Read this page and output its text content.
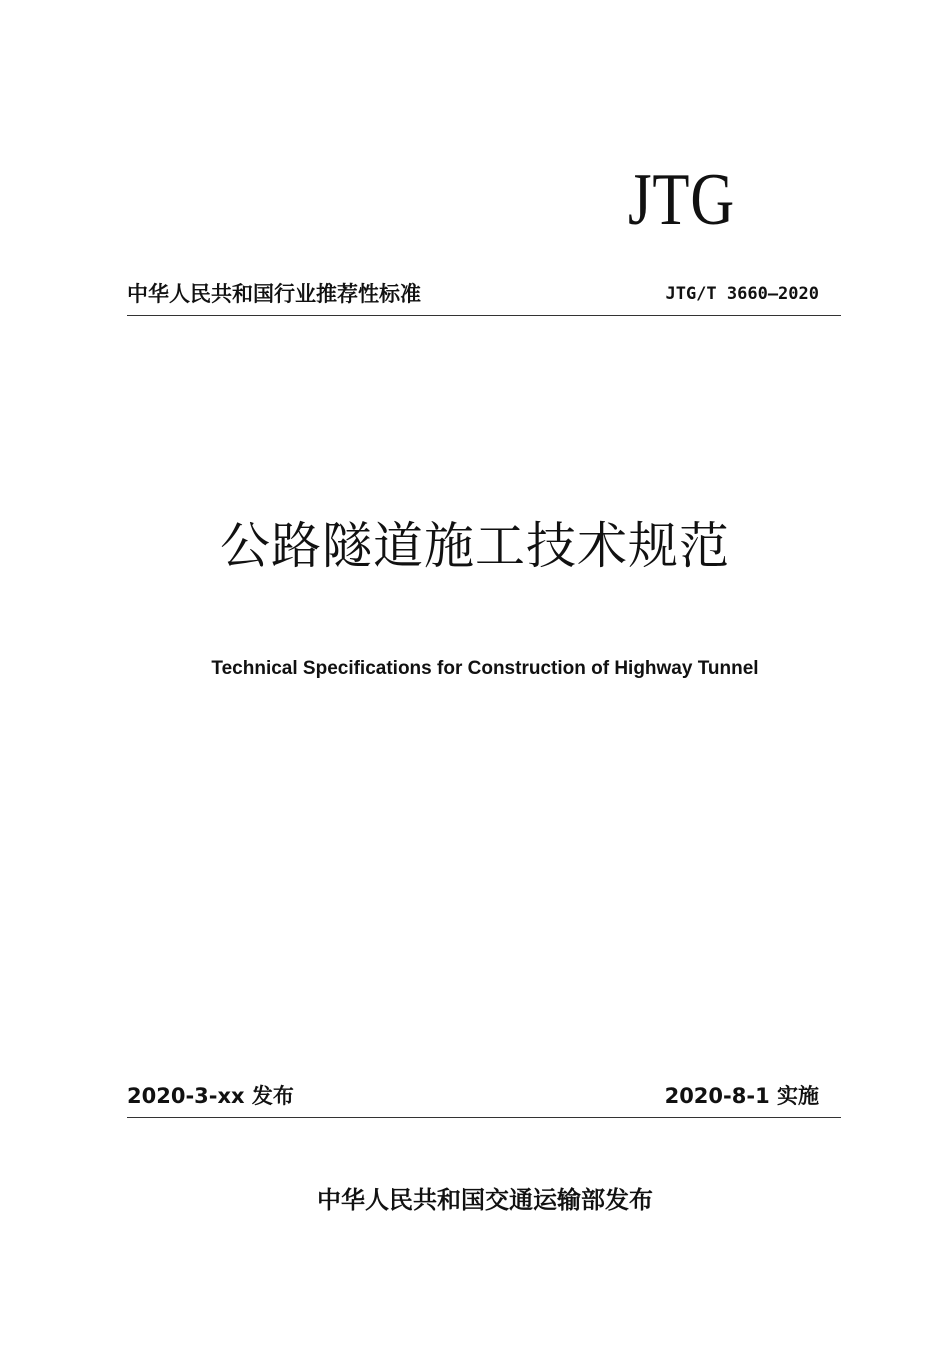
JTG
中华人民共和国行业推荐性标准	JTG/T 3660—2020
公路隧道施工技术规范
Technical Specifications for Construction of Highway Tunnel
2020-3-xx 发布	2020-8-1 实施
中华人民共和国交通运输部发布
